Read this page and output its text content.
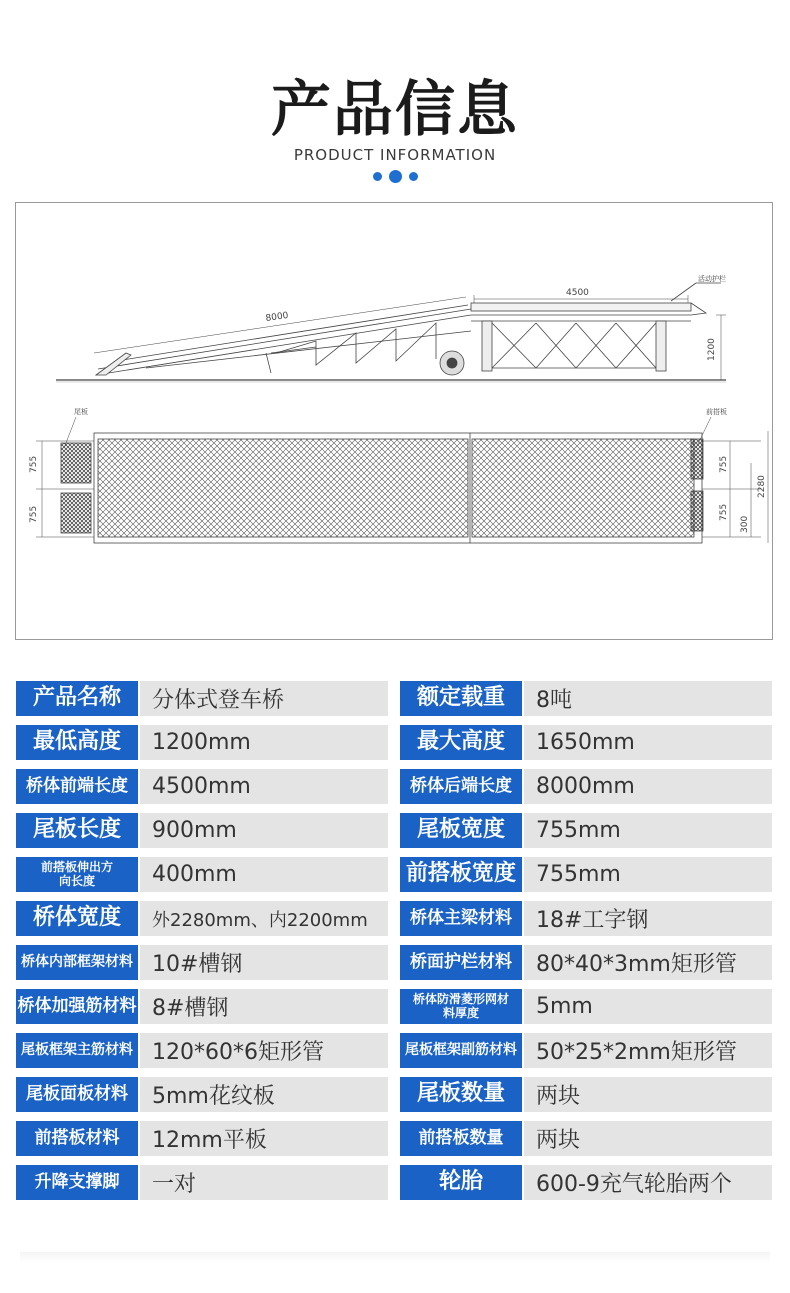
产品信息
PRODUCT INFORMATION
8000
4500
1200
活动护栏
尾板	前搭板
755
755
755
755
300
2280
产品名称	分体式登车桥	额定载重	8吨
最低高度	1200mm	最大高度	1650mm
桥体前端长度	4500mm	桥体后端长度	8000mm
尾板长度	900mm	尾板宽度	755mm
前搭板伸出方向长度	400mm	前搭板宽度 755mm
桥体宽度	外2280mm、内2200mm	桥体主梁材料	18#工字钢
桥体内部框架材料 10#槽钢	桥面护栏材料	80*40*3mm矩形管
桥体加强筋材料 8#槽钢	桥体防滑菱形网材料厚度	5mm
尾板框架主筋材料 120*60*6矩形管	尾板框架副筋材料 50*25*2mm矩形管
尾板面板材料	5mm花纹板	尾板数量	两块
前搭板材料	12mm平板	前搭板数量	两块
升降支撑脚	一对	轮胎	600-9充气轮胎两个
